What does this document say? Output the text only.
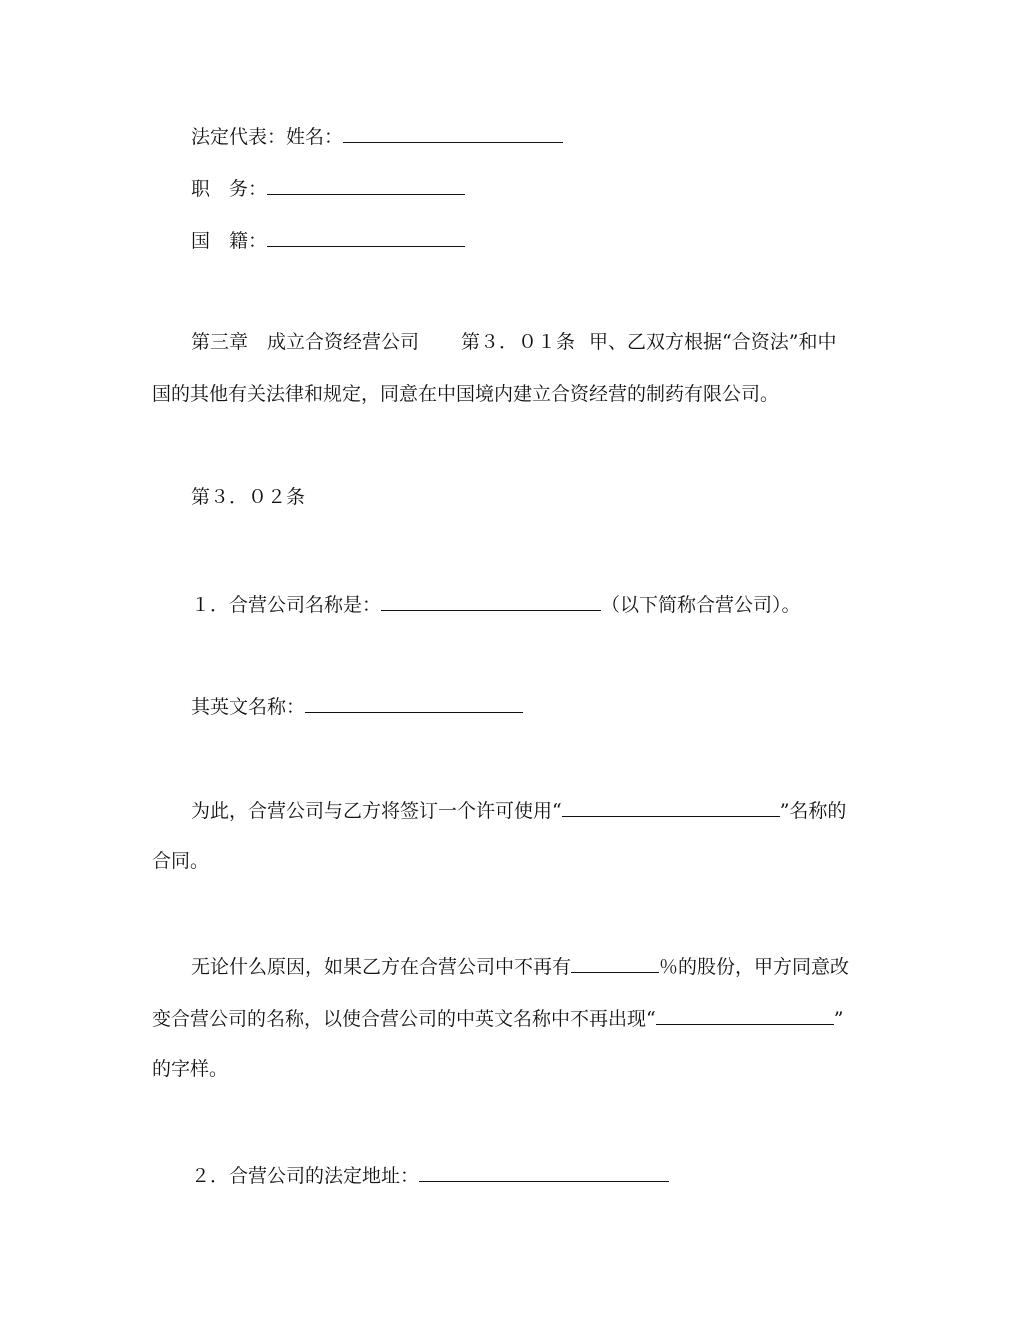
法定代表：姓名：
职　务：
国　籍：
第三章　成立合资经营公司 第３．０１条 甲、乙双方根据“合资法”和中
国的其他有关法律和规定，同意在中国境内建立合资经营的制药有限公司。
第３．０２条
１．合营公司名称是：	（以下简称合营公司）。
其英文名称：
为此，合营公司与乙方将签订一个许可使用“	”名称的
合同。
无论什么原因，如果乙方在合营公司中不再有	％的股份，甲方同意改
变合营公司的名称，以使合营公司的中英文名称中不再出现“	”
的字样。
２．合营公司的法定地址：
